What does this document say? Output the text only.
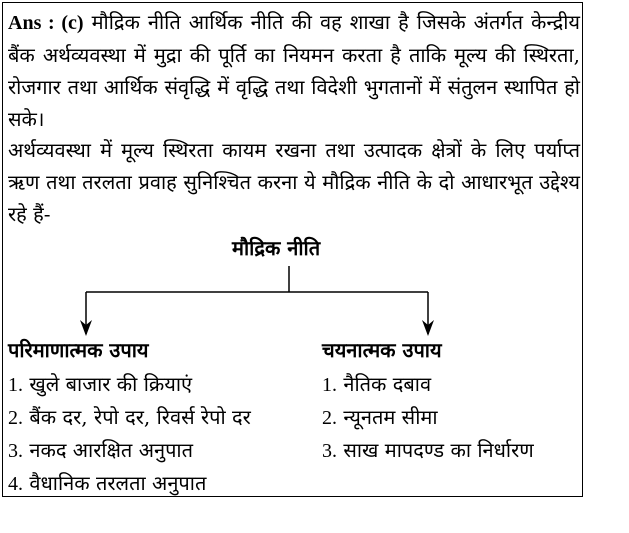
Ans : (c) मौद्रिक नीति आर्थिक नीति की वह शाखा है जिसके अंतर्गत केन्द्रीय बैंक अर्थव्यवस्था में मुद्रा की पूर्ति का नियमन करता है ताकि मूल्य की स्थिरता, रोजगार तथा आर्थिक संवृद्धि में वृद्धि तथा विदेशी भुगतानों में संतुलन स्थापित हो सके।
अर्थव्यवस्था में मूल्य स्थिरता कायम रखना तथा उत्पादक क्षेत्रों के लिए पर्याप्त ऋण तथा तरलता प्रवाह सुनिश्चित करना ये मौद्रिक नीति के दो आधारभूत उद्देश्य रहे हैं-
मौद्रिक नीति
परिमाणात्मक उपाय	चयनात्मक उपाय
1. खुले बाजार की क्रियाएं
2. बैंक दर, रेपो दर, रिवर्स रेपो दर
3. नकद आरक्षित अनुपात
4. वैधानिक तरलता अनुपात
1. नैतिक दबाव
2. न्यूनतम सीमा
3. साख मापदण्ड का निर्धारण
